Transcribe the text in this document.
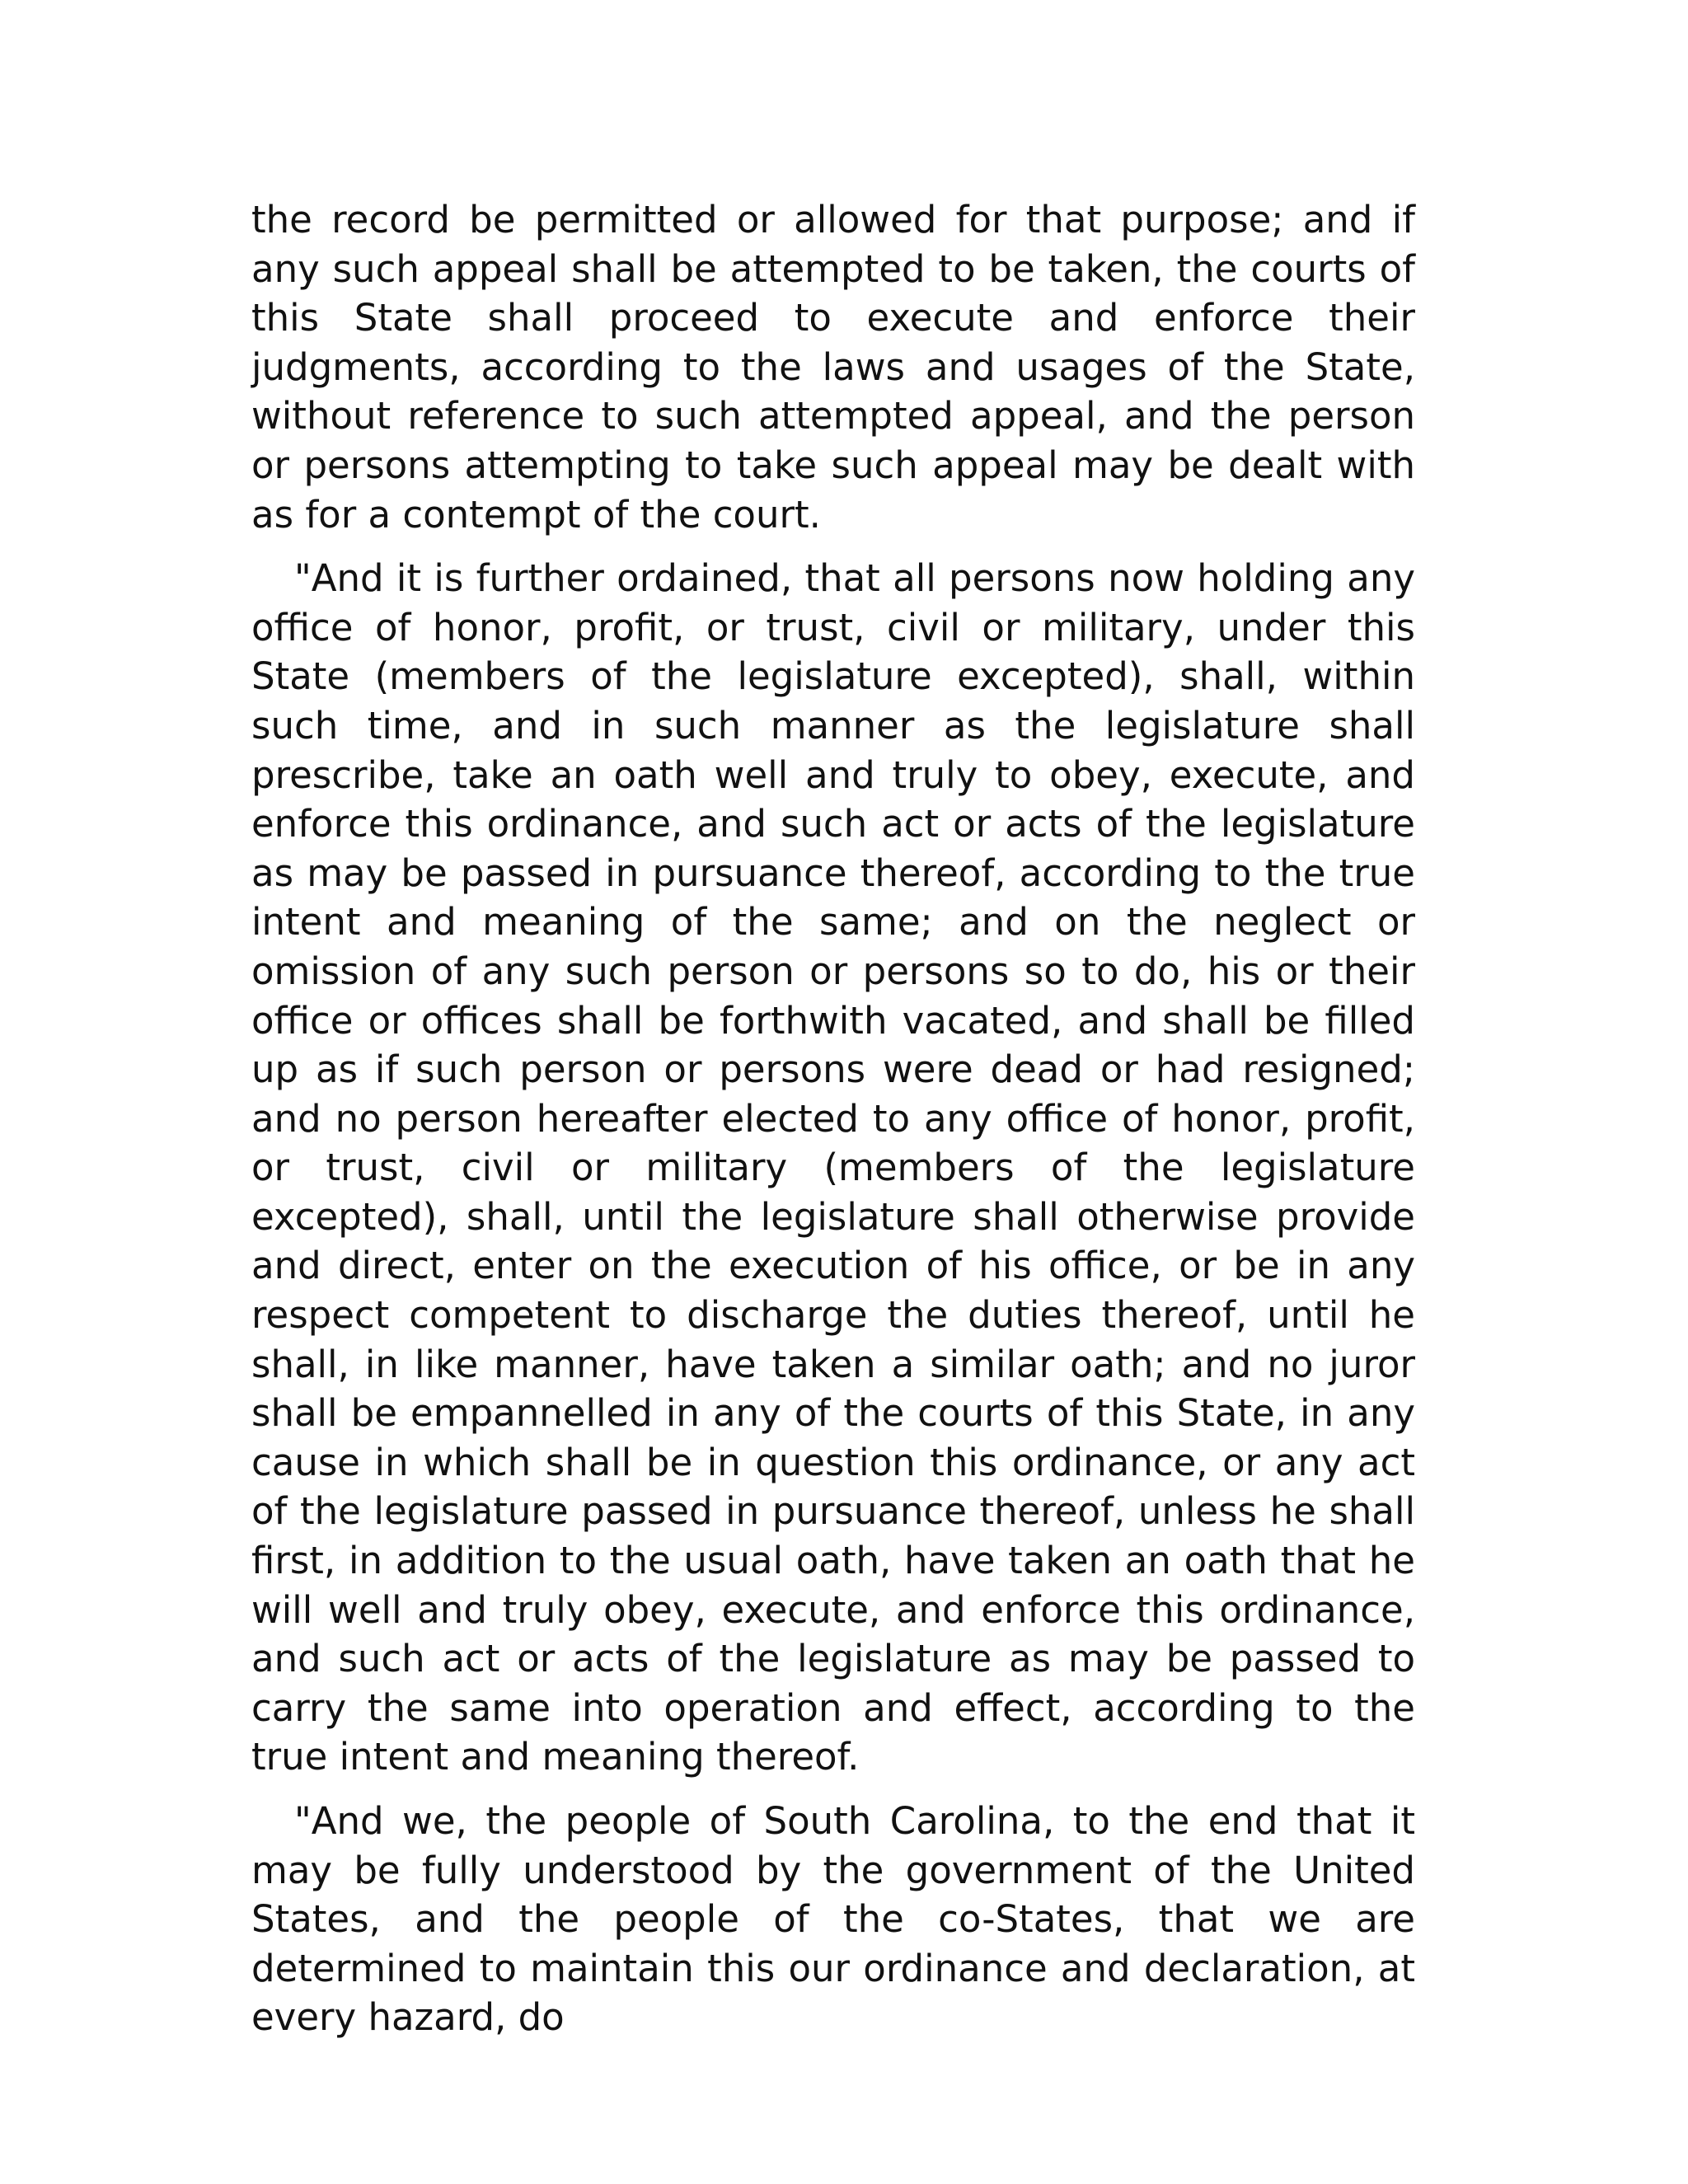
the record be permitted or allowed for that purpose; and if any such appeal shall be attempted to be taken, the courts of this State shall proceed to execute and enforce their judgments, according to the laws and usages of the State, without reference to such attempted appeal, and the person or persons attempting to take such appeal may be dealt with as for a contempt of the court.

"And it is further ordained, that all persons now holding any office of honor, profit, or trust, civil or military, under this State (members of the legislature excepted), shall, within such time, and in such manner as the legislature shall prescribe, take an oath well and truly to obey, execute, and enforce this ordinance, and such act or acts of the legislature as may be passed in pursuance thereof, according to the true intent and meaning of the same; and on the neglect or omission of any such person or persons so to do, his or their office or offices shall be forthwith vacated, and shall be filled up as if such person or persons were dead or had resigned; and no person hereafter elected to any office of honor, profit, or trust, civil or military (members of the legislature excepted), shall, until the legislature shall otherwise provide and direct, enter on the execution of his office, or be in any respect competent to discharge the duties thereof, until he shall, in like manner, have taken a similar oath; and no juror shall be empannelled in any of the courts of this State, in any cause in which shall be in question this ordinance, or any act of the legislature passed in pursuance thereof, unless he shall first, in addition to the usual oath, have taken an oath that he will well and truly obey, execute, and enforce this ordinance, and such act or acts of the legislature as may be passed to carry the same into operation and effect, according to the true intent and meaning thereof.

"And we, the people of South Carolina, to the end that it may be fully understood by the government of the United States, and the people of the co-States, that we are determined to maintain this our ordinance and declaration, at every hazard, do
